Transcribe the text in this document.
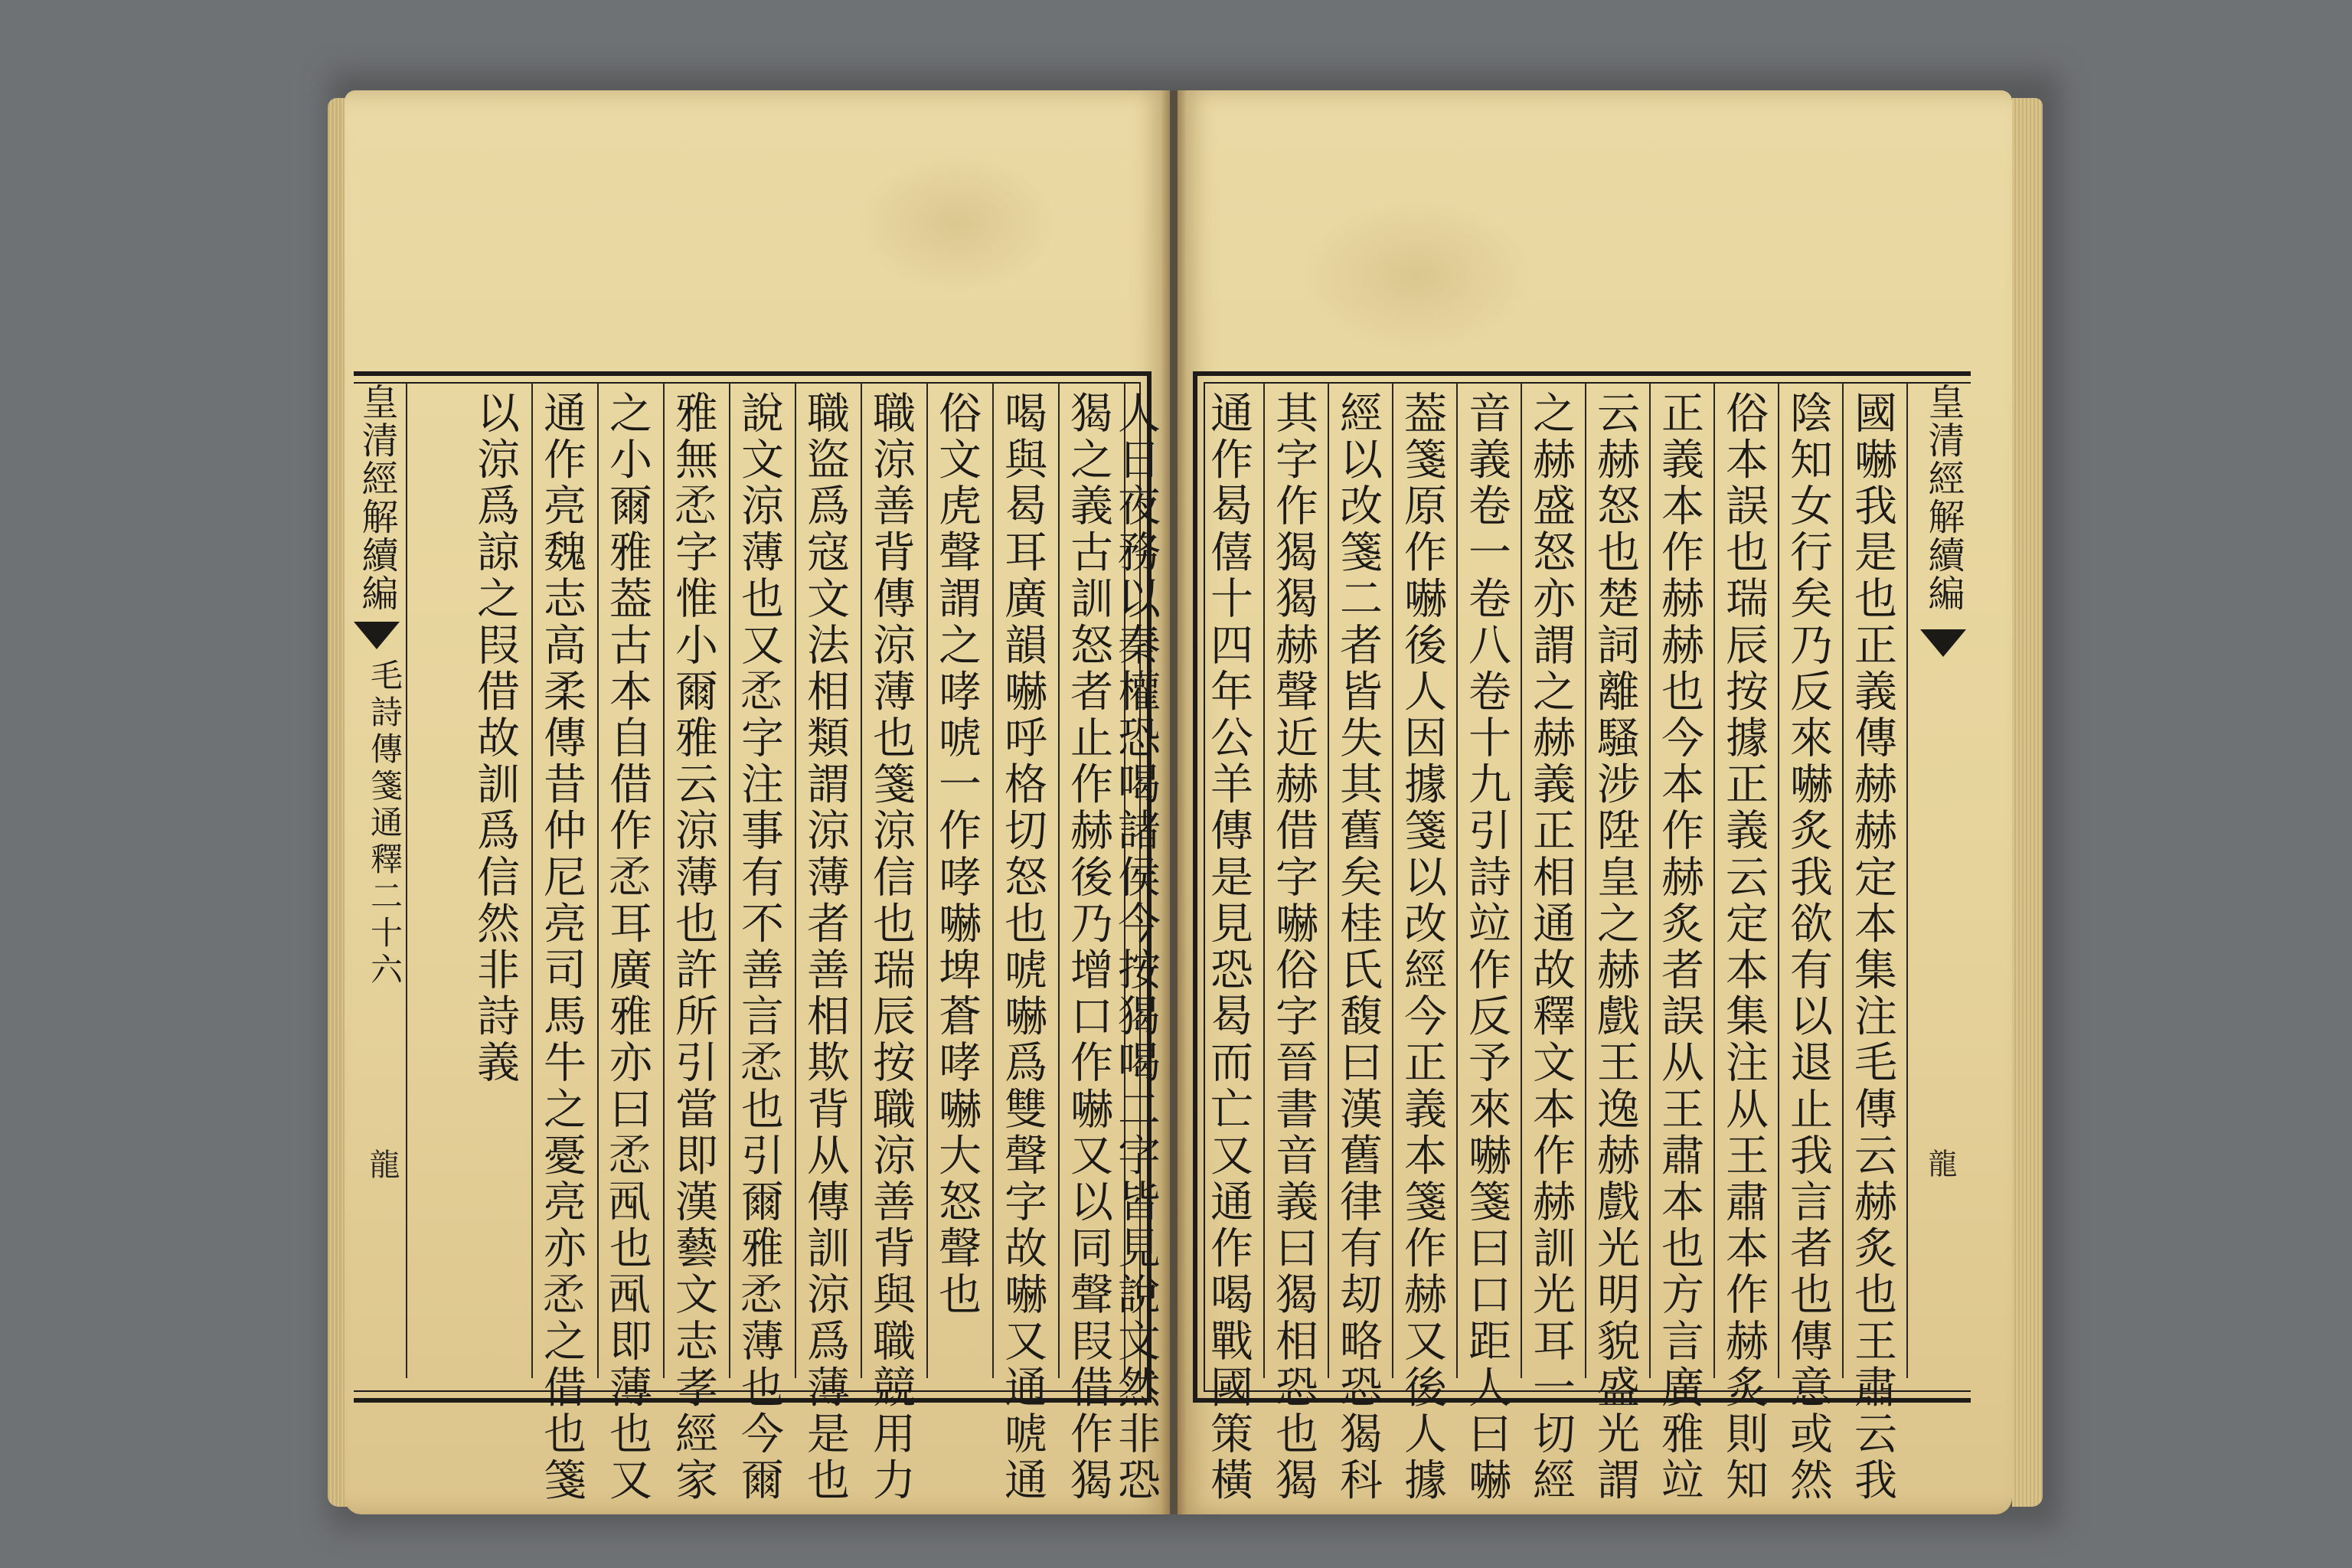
皇清經解續編
毛詩傳箋通釋二十六
龍
以涼爲諒之叚借故訓爲信然非詩義 通作亮魏志高柔傳昔仲尼亮司馬牛之憂亮亦𢘅之借也箋 之小爾雅葢古本自借作𢘅耳廣雅亦曰𢘅𧟢也𧟢即薄也又 雅無𢘅字惟小爾雅云涼薄也許所引當即漢藝文志孝經家 說文涼薄也又𢘅字注事有不善言𢘅也引爾雅𢘅薄也今爾 職盜爲寇文法相類謂涼薄者善相欺背从傳訓涼爲薄是也 職涼善背傳涼薄也箋涼信也瑞辰按職涼善背與職競用力 俗文虎聲謂之哮唬一作哮嚇埤蒼哮嚇大怒聲也 喝與曷耳廣韻嚇呼格切怒也唬嚇爲雙聲字故嚇又通唬通 猲之義古訓怒者止作赫後乃增口作嚇又以同聲叚借作猲
人日夜務以秦權恐喝諸侯今按猲喝二字皆見說文然非恐 通作曷僖十四年公羊傳是見恐曷而亡又通作喝戰國策橫 其字作猲猲赫聲近赫借字嚇俗字晉書音義曰猲相恐也猲 經以改箋二者皆失其舊矣桂氏馥曰漢舊律有刧略恐猲科 葢箋原作嚇後人因據箋以改經今正義本箋作赫又後人據 音義卷一卷八卷十九引詩竝作反予來嚇箋曰口距人曰嚇 之赫盛怒亦謂之赫義正相通故釋文本作赫訓光耳一切經 云赫怒也楚詞離騷涉陞皇之赫戲王逸赫戲光明貌盛光謂 正義本作赫赫也今本作赫炙者誤从王肅本也方言廣雅竝 俗本誤也瑞辰按據正義云定本集注从王肅本作赫炙則知 陰知女行矣乃反來嚇炙我欲有以退止我言者也傳意或然 國嚇我是也正義傳赫赫定本集注毛傳云赫炙也王肅云我 皇清經解續編
龍
